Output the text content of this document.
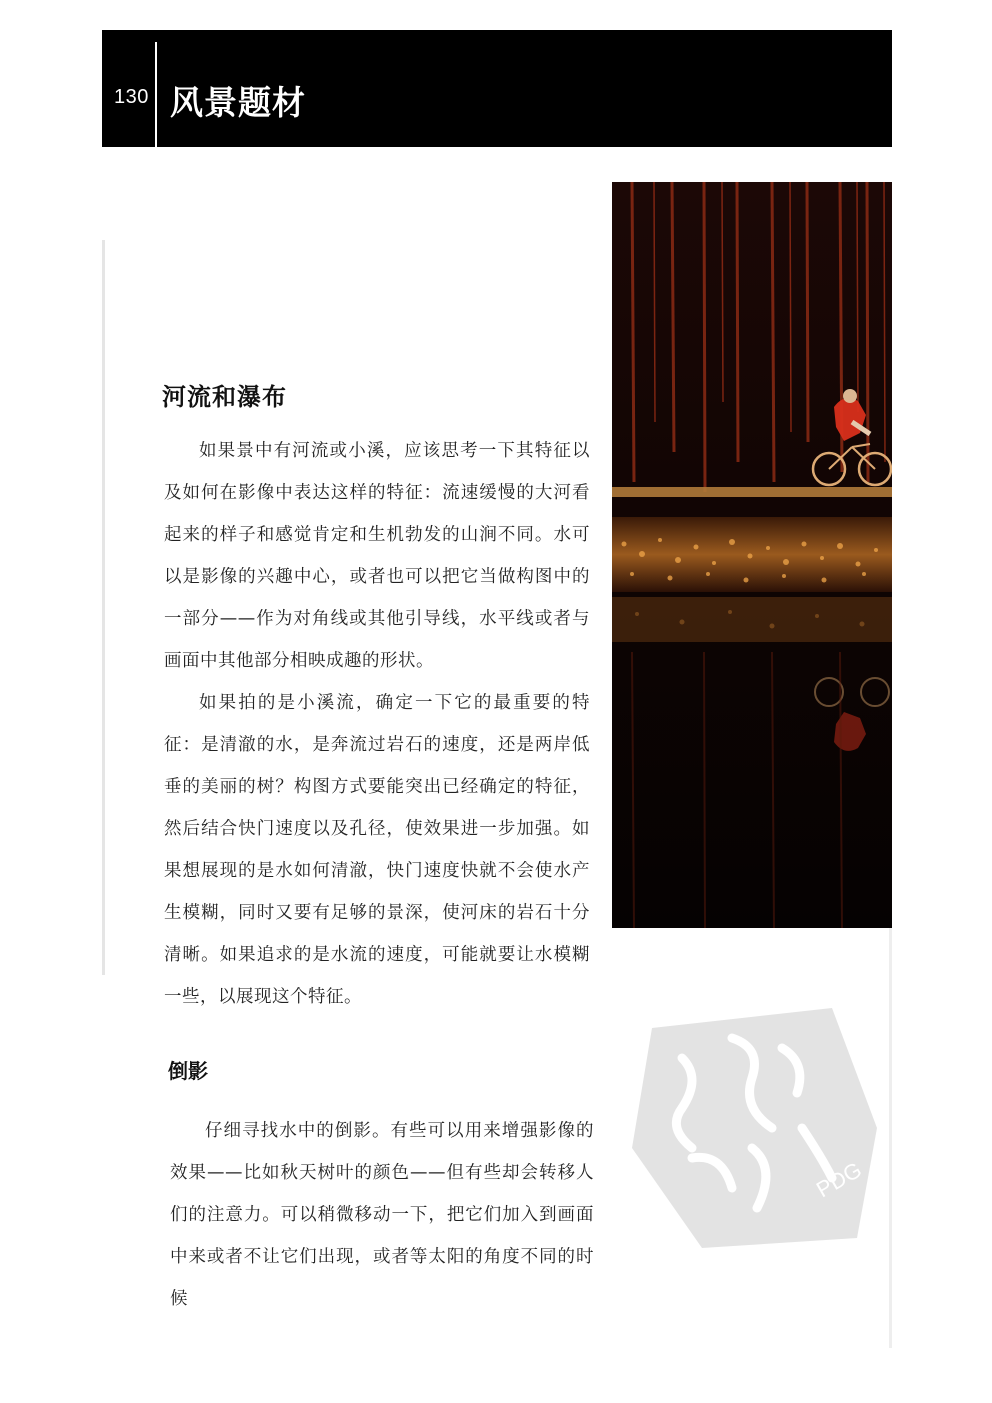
130 风景题材
河流和瀑布

如果景中有河流或小溪，应该思考一下其特征以及如何在影像中表达这样的特征：流速缓慢的大河看起来的样子和感觉肯定和生机勃发的山涧不同。水可以是影像的兴趣中心，或者也可以把它当做构图中的一部分——作为对角线或其他引导线，水平线或者与画面中其他部分相映成趣的形状。

如果拍的是小溪流，确定一下它的最重要的特征：是清澈的水，是奔流过岩石的速度，还是两岸低垂的美丽的树？构图方式要能突出已经确定的特征，然后结合快门速度以及孔径，使效果进一步加强。如果想展现的是水如何清澈，快门速度快就不会使水产生模糊，同时又要有足够的景深，使河床的岩石十分清晰。如果追求的是水流的速度，可能就要让水模糊一些，以展现这个特征。

倒影

仔细寻找水中的倒影。有些可以用来增强影像的效果——比如秋天树叶的颜色——但有些却会转移人们的注意力。可以稍微移动一下，把它们加入到画面中来或者不让它们出现，或者等太阳的角度不同的时候

PDG
